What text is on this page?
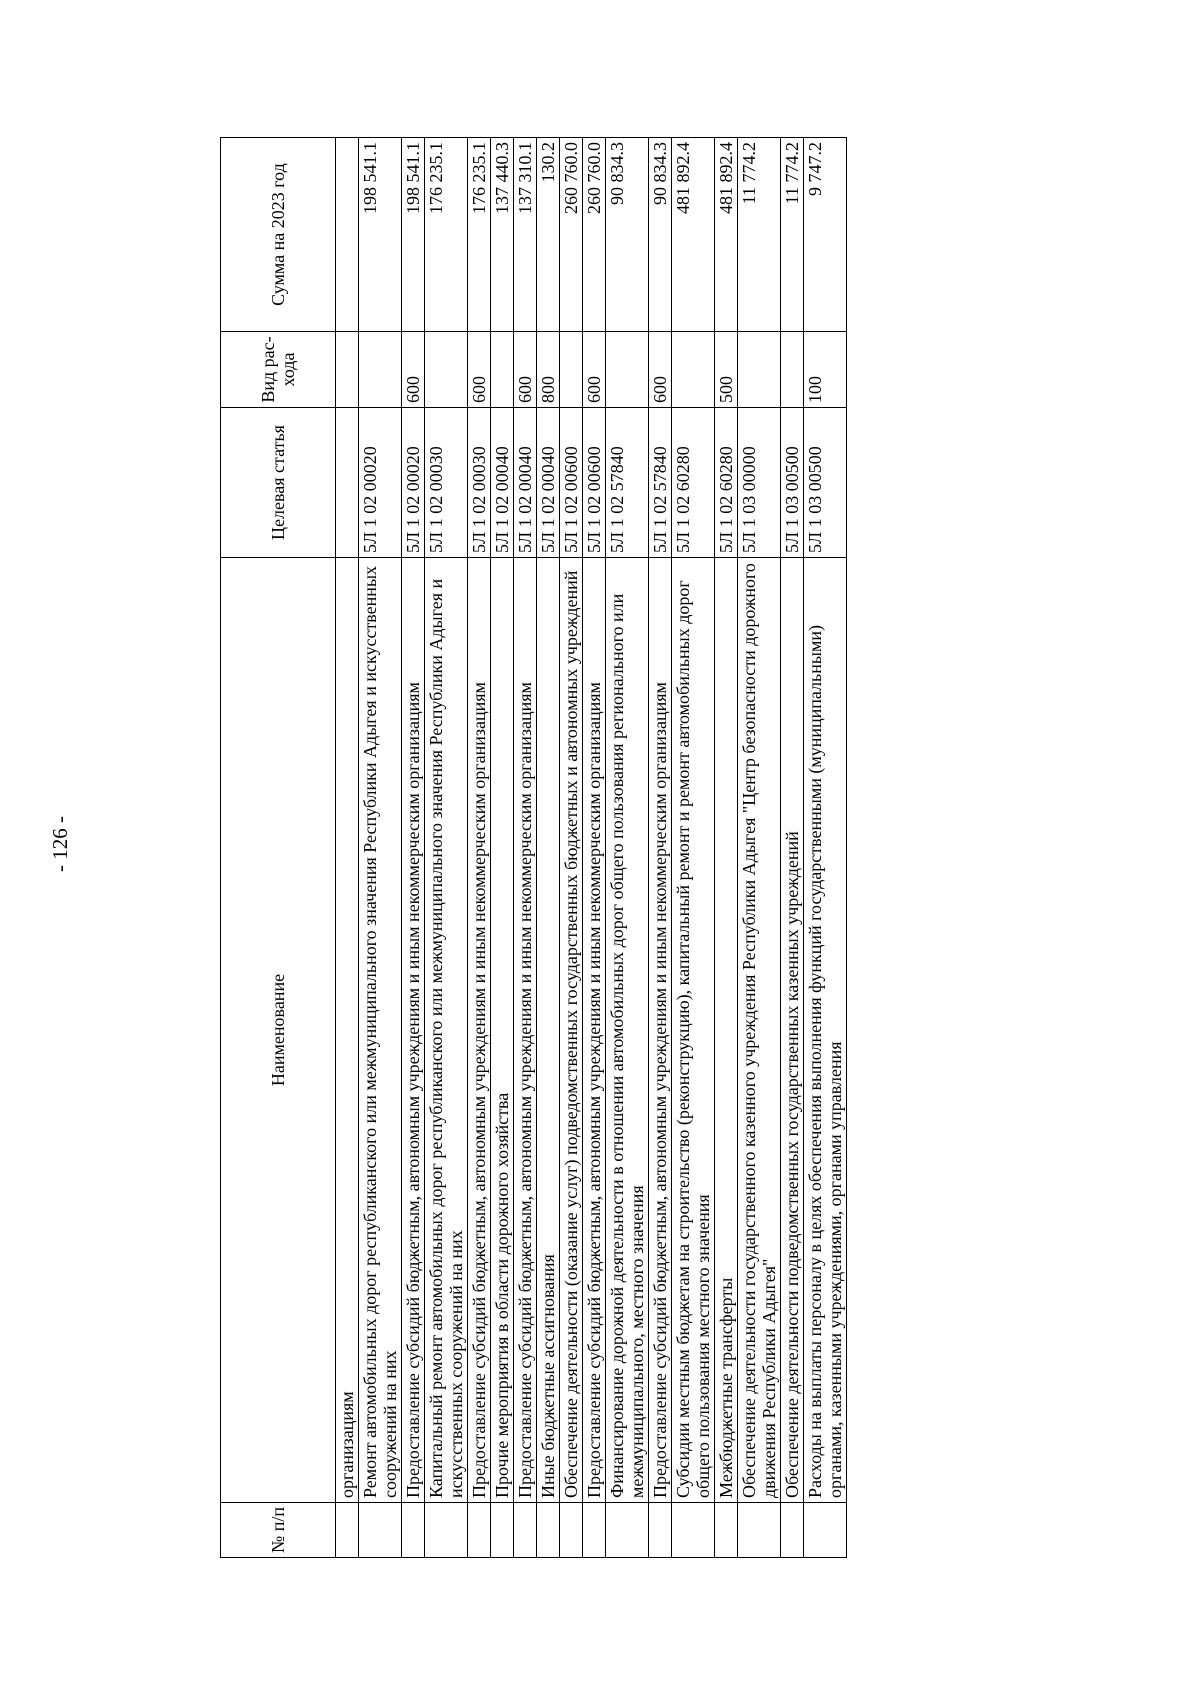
- 126 -
№ п/п	Наименование	Целевая статья	Вид рас-хода	Сумма на 2023 год
	организациям			
	Ремонт автомобильных дорог республиканского или межмуниципального значения Республики Адыгея и искусственных сооружений на них	5Л 1 02 00020		198 541.1
	Предоставление субсидий бюджетным, автономным учреждениям и иным некоммерческим организациям	5Л 1 02 00020	600	198 541.1
	Капитальный ремонт автомобильных дорог республиканского или межмуниципального значения Республики Адыгея и искусственных сооружений на них	5Л 1 02 00030		176 235.1
	Предоставление субсидий бюджетным, автономным учреждениям и иным некоммерческим организациям	5Л 1 02 00030	600	176 235.1
	Прочие мероприятия в области дорожного хозяйства	5Л 1 02 00040		137 440.3
	Предоставление субсидий бюджетным, автономным учреждениям и иным некоммерческим организациям	5Л 1 02 00040	600	137 310.1
	Иные бюджетные ассигнования	5Л 1 02 00040	800	130.2
	Обеспечение деятельности (оказание услуг) подведомственных государственных бюджетных и автономных учреждений	5Л 1 02 00600		260 760.0
	Предоставление субсидий бюджетным, автономным учреждениям и иным некоммерческим организациям	5Л 1 02 00600	600	260 760.0
	Финансирование дорожной деятельности в отношении автомобильных дорог общего пользования регионального или межмуниципального, местного значения	5Л 1 02 57840		90 834.3
	Предоставление субсидий бюджетным, автономным учреждениям и иным некоммерческим организациям	5Л 1 02 57840	600	90 834.3
	Субсидии местным бюджетам на строительство (реконструкцию), капитальный ремонт и ремонт автомобильных дорог общего пользования местного значения	5Л 1 02 60280		481 892.4
	Межбюджетные трансферты	5Л 1 02 60280	500	481 892.4
	Обеспечение деятельности государственного казенного учреждения Республики Адыгея "Центр безопасности дорожного движения Республики Адыгея"	5Л 1 03 00000		11 774.2
	Обеспечение деятельности подведомственных государственных казенных учреждений	5Л 1 03 00500		11 774.2
	Расходы на выплаты персоналу в целях обеспечения выполнения функций государственными (муниципальными) органами, казенными учреждениями, органами управления	5Л 1 03 00500	100	9 747.2
